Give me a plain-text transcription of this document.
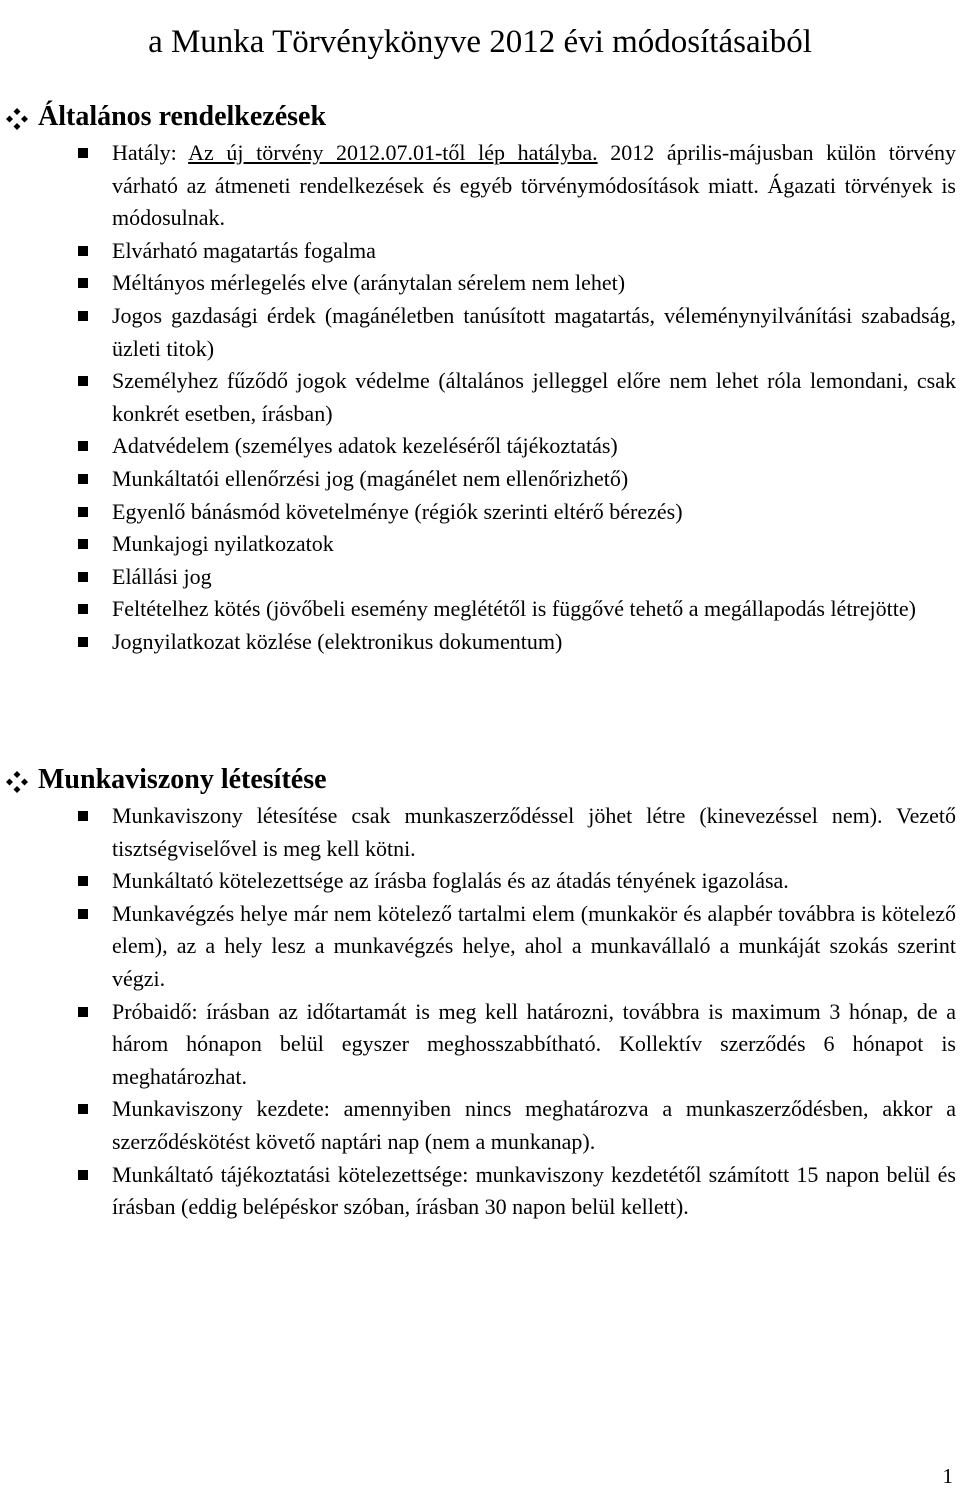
a Munka Törvénykönyve 2012 évi módosításaiból
Általános rendelkezések
Hatály: Az új törvény 2012.07.01-től lép hatályba. 2012 április-májusban külön törvény várható az átmeneti rendelkezések és egyéb törvénymódosítások miatt. Ágazati törvények is módosulnak.
Elvárható magatartás fogalma
Méltányos mérlegelés elve (aránytalan sérelem nem lehet)
Jogos gazdasági érdek (magánéletben tanúsított magatartás, véleménynyilvánítási szabadság, üzleti titok)
Személyhez fűződő jogok védelme (általános jelleggel előre nem lehet róla lemondani, csak konkrét esetben, írásban)
Adatvédelem (személyes adatok kezeléséről tájékoztatás)
Munkáltatói ellenőrzési jog (magánélet nem ellenőrizhető)
Egyenlő bánásmód követelménye (régiók szerinti eltérő bérezés)
Munkajogi nyilatkozatok
Elállási jog
Feltételhez kötés (jövőbeli esemény meglététől is függővé tehető a megállapodás létrejötte)
Jognyilatkozat közlése (elektronikus dokumentum)
Munkaviszony létesítése
Munkaviszony létesítése csak munkaszerződéssel jöhet létre (kinevezéssel nem). Vezető tisztségviselővel is meg kell kötni.
Munkáltató kötelezettsége az írásba foglalás és az átadás tényének igazolása.
Munkavégzés helye már nem kötelező tartalmi elem (munkakör és alapbér továbbra is kötelező elem), az a hely lesz a munkavégzés helye, ahol a munkavállaló a munkáját szokás szerint végzi.
Próbaidő: írásban az időtartamát is meg kell határozni, továbbra is maximum 3 hónap, de a három hónapon belül egyszer meghosszabbítható. Kollektív szerződés 6 hónapot is meghatározhat.
Munkaviszony kezdete: amennyiben nincs meghatározva a munkaszerződésben, akkor a szerződéskötést követő naptári nap (nem a munkanap).
Munkáltató tájékoztatási kötelezettsége: munkaviszony kezdetétől számított 15 napon belül és írásban (eddig belépéskor szóban, írásban 30 napon belül kellett).
1
